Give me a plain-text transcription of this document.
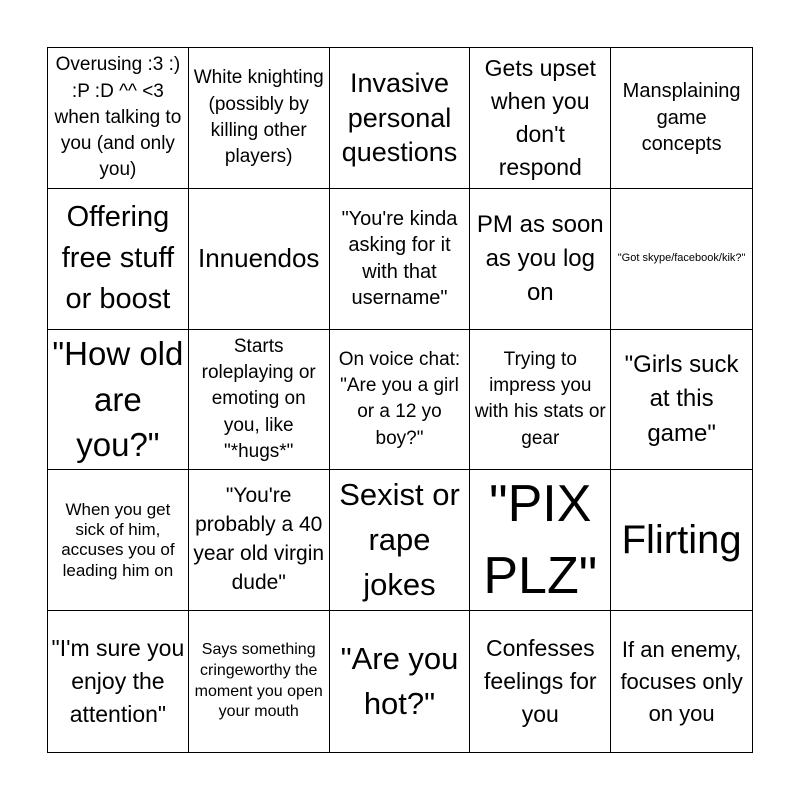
Overusing :3 :) :P :D ^^ <3 when talking to you (and only you)
White knighting (possibly by killing other players)
Invasive personal questions
Gets upset when you don't respond
Mansplaining game concepts
Offering free stuff or boost
Innuendos
"You're kinda asking for it with that username"
PM as soon as you log on
"Got skype/facebook/kik?"
"How old are you?"
Starts roleplaying or emoting on you, like "*hugs*"
On voice chat: "Are you a girl or a 12 yo boy?"
Trying to impress you with his stats or gear
"Girls suck at this game"
When you get sick of him, accuses you of leading him on
"You're probably a 40 year old virgin dude"
Sexist or rape jokes
"PIX PLZ"
Flirting
"I'm sure you enjoy the attention"
Says something cringeworthy the moment you open your mouth
"Are you hot?"
Confesses feelings for you
If an enemy, focuses only on you
